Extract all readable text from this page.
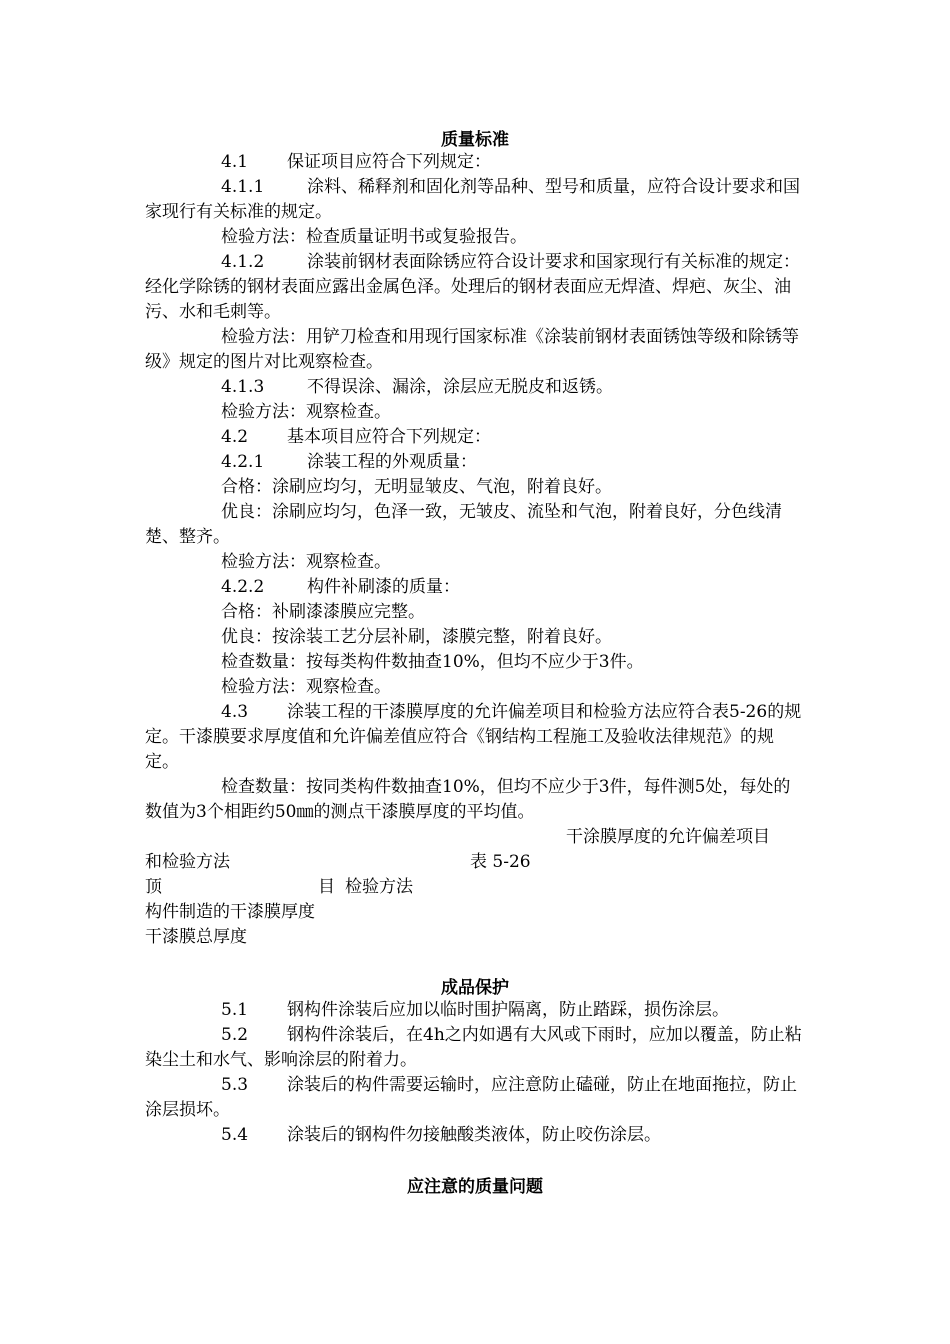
质量标准
4.1 保证项目应符合下列规定：
4.1.1	涂料、稀释剂和固化剂等品种、型号和质量，应符合设计要求和国家现行有关标准的规定。
检验方法：检查质量证明书或复验报告。
4.1.2	涂装前钢材表面除锈应符合设计要求和国家现行有关标准的规定：经化学除锈的钢材表面应露出金属色泽。处理后的钢材表面应无焊渣、焊疤、灰尘、油污、水和毛刺等。
检验方法：用铲刀检查和用现行国家标准《涂装前钢材表面锈蚀等级和除锈等级》规定的图片对比观察检查。
4.1.3	不得误涂、漏涂，涂层应无脱皮和返锈。
检验方法：观察检查。
4.2 基本项目应符合下列规定：
4.2.1	涂装工程的外观质量：
合格：涂刷应均匀，无明显皱皮、气泡，附着良好。
优良：涂刷应均匀，色泽一致，无皱皮、流坠和气泡，附着良好，分色线清楚、整齐。
检验方法：观察检查。
4.2.2	构件补刷漆的质量：
合格：补刷漆漆膜应完整。
优良：按涂装工艺分层补刷，漆膜完整，附着良好。
检查数量：按每类构件数抽查10%，但均不应少于3件。
检验方法：观察检查。
4.3 涂装工程的干漆膜厚度的允许偏差项目和检验方法应符合表5-26的规定。干漆膜要求厚度值和允许偏差值应符合《钢结构工程施工及验收法律规范》的规定。
检查数量：按同类构件数抽查10%，但均不应少于3件，每件测5处，每处的数值为3个相距约50㎜的测点干漆膜厚度的平均值。
干涂膜厚度的允许偏差项目
和检验方法	表 5-26
顶	目 检验方法
构件制造的干漆膜厚度
干漆膜总厚度
成品保护
5.1 钢构件涂装后应加以临时围护隔离，防止踏踩，损伤涂层。
5.2 钢构件涂装后，在4h之内如遇有大风或下雨时，应加以覆盖，防止粘染尘土和水气、影响涂层的附着力。
5.3 涂装后的构件需要运输时，应注意防止磕碰，防止在地面拖拉，防止涂层损坏。
5.4 涂装后的钢构件勿接触酸类液体，防止咬伤涂层。
应注意的质量问题
